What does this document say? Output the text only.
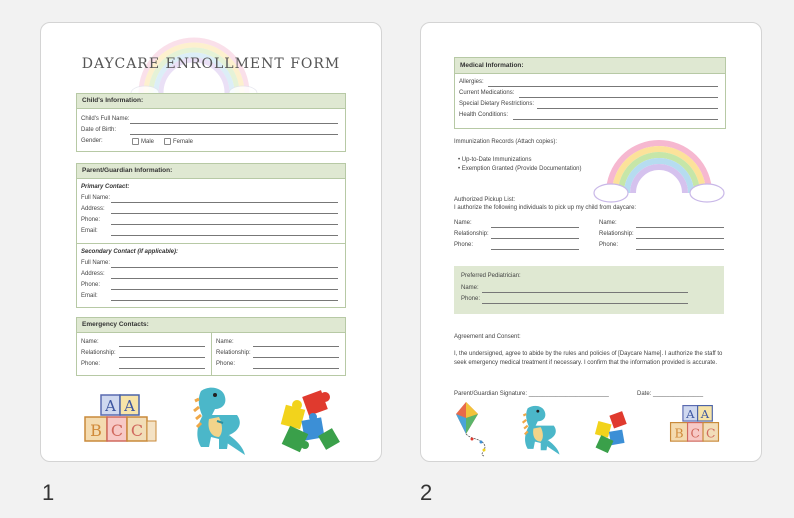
DAYCARE ENROLLMENT FORM
Child's Information:
Child's Full Name:
Date of Birth:
Gender:	Male	Female
Parent/Guardian Information:
Primary Contact:
Full Name:
Address:
Phone:
Email:
Secondary Contact (if applicable):
Full Name:
Address:
Phone:
Email:
Emergency Contacts:
Name:
Relationship:
Phone:
Name:
Relationship:
Phone:
A A
B C C
1
Medical Information:
Allergies:
Current Medications:
Special Dietary Restrictions:
Health Conditions:
Immunization Records (Attach copies):
• Up-to-Date Immunizations
• Exemption Granted (Provide Documentation)
Authorized Pickup List:
I authorize the following individuals to pick up my child from daycare:
Name:
Relationship:
Phone:
Name:
Relationship:
Phone:
Preferred Pediatrician:
Name:
Phone:
Agreement and Consent:
I, the undersigned, agree to abide by the rules and policies of [Daycare Name]. I authorize the staff to seek emergency medical treatment if necessary. I confirm that the information provided is accurate.
Parent/Guardian Signature: ________________________	Date: _______________
A A
B C C
2
